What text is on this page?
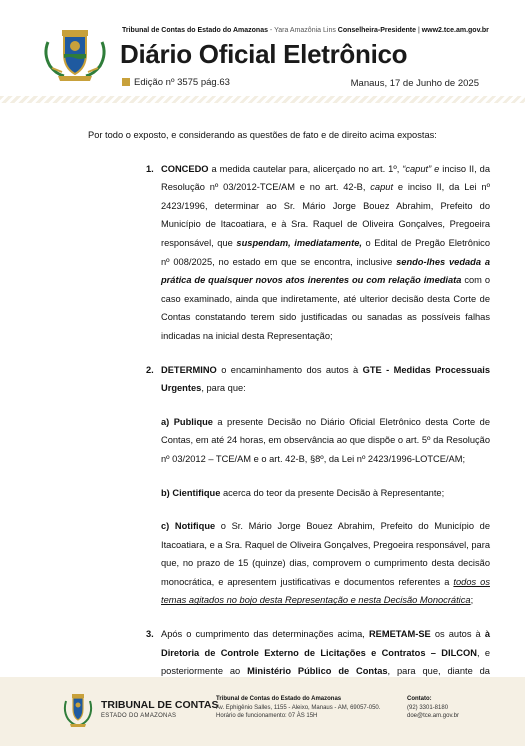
Tribunal de Contas do Estado do Amazonas - Yara Amazônia Lins Conselheira-Presidente | www2.tce.am.gov.br
Diário Oficial Eletrônico
Edição nº 3575 pág.63	Manaus, 17 de Junho de 2025

Por todo o exposto, e considerando as questões de fato e de direito acima expostas:

1. CONCEDO a medida cautelar para, alicerçado no art. 1º, “caput” e inciso II, da Resolução nº 03/2012-TCE/AM e no art. 42-B, caput e inciso II, da Lei nº 2423/1996, determinar ao Sr. Mário Jorge Bouez Abrahim, Prefeito do Município de Itacoatiara, e à Sra. Raquel de Oliveira Gonçalves, Pregoeira responsável, que suspendam, imediatamente, o Edital de Pregão Eletrônico nº 008/2025, no estado em que se encontra, inclusive sendo-lhes vedada a prática de quaisquer novos atos inerentes ou com relação imediata com o caso examinado, ainda que indiretamente, até ulterior decisão desta Corte de Contas constatando terem sido justificadas ou sanadas as possíveis falhas indicadas na inicial desta Representação;

2. DETERMINO o encaminhamento dos autos à GTE - Medidas Processuais Urgentes, para que:

a) Publique a presente Decisão no Diário Oficial Eletrônico desta Corte de Contas, em até 24 horas, em observância ao que dispõe o art. 5º da Resolução nº 03/2012 – TCE/AM e o art. 42-B, §8º, da Lei nº 2423/1996-LOTCE/AM;

b) Cientifique acerca do teor da presente Decisão à Representante;

c) Notifique o Sr. Mário Jorge Bouez Abrahim, Prefeito do Município de Itacoatiara, e a Sra. Raquel de Oliveira Gonçalves, Pregoeira responsável, para que, no prazo de 15 (quinze) dias, comprovem o cumprimento desta decisão monocrática, e apresentem justificativas e documentos referentes a todos os temas agitados no bojo desta Representação e nesta Decisão Monocrática;

3. Após o cumprimento das determinações acima, REMETAM-SE os autos à à Diretoria de Controle Externo de Licitações e Contratos – DILCON, e posteriormente ao Ministério Público de Contas, para que, diante da

TRIBUNAL DE CONTAS
ESTADO DO AMAZONAS
Tribunal de Contas do Estado do Amazonas
Av. Ephigênio Salles, 1155 - Aleixo, Manaus - AM, 69057-050.
Horário de funcionamento: 07 ÀS 15H
Contato:
(92) 3301-8180
doe@tce.am.gov.br
